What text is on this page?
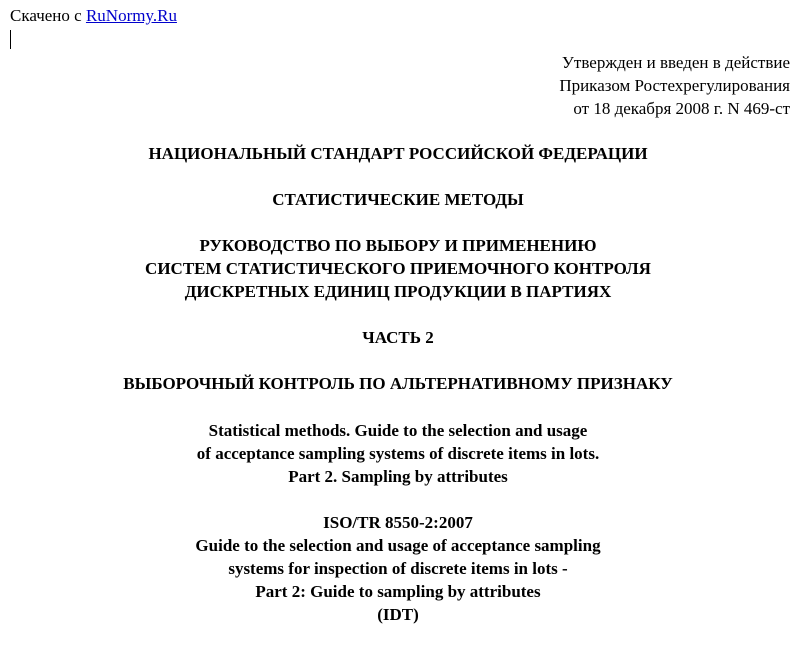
Скачено с RuNormy.Ru
Утвержден и введен в действие
Приказом Ростехрегулирования
от 18 декабря 2008 г. N 469-ст
НАЦИОНАЛЬНЫЙ СТАНДАРТ РОССИЙСКОЙ ФЕДЕРАЦИИ
СТАТИСТИЧЕСКИЕ МЕТОДЫ
РУКОВОДСТВО ПО ВЫБОРУ И ПРИМЕНЕНИЮ
СИСТЕМ СТАТИСТИЧЕСКОГО ПРИЕМОЧНОГО КОНТРОЛЯ
ДИСКРЕТНЫХ ЕДИНИЦ ПРОДУКЦИИ В ПАРТИЯХ
ЧАСТЬ 2
ВЫБОРОЧНЫЙ КОНТРОЛЬ ПО АЛЬТЕРНАТИВНОМУ ПРИЗНАКУ
Statistical methods. Guide to the selection and usage
of acceptance sampling systems of discrete items in lots.
Part 2. Sampling by attributes
ISO/TR 8550-2:2007
Guide to the selection and usage of acceptance sampling
systems for inspection of discrete items in lots -
Part 2: Guide to sampling by attributes
(IDT)
